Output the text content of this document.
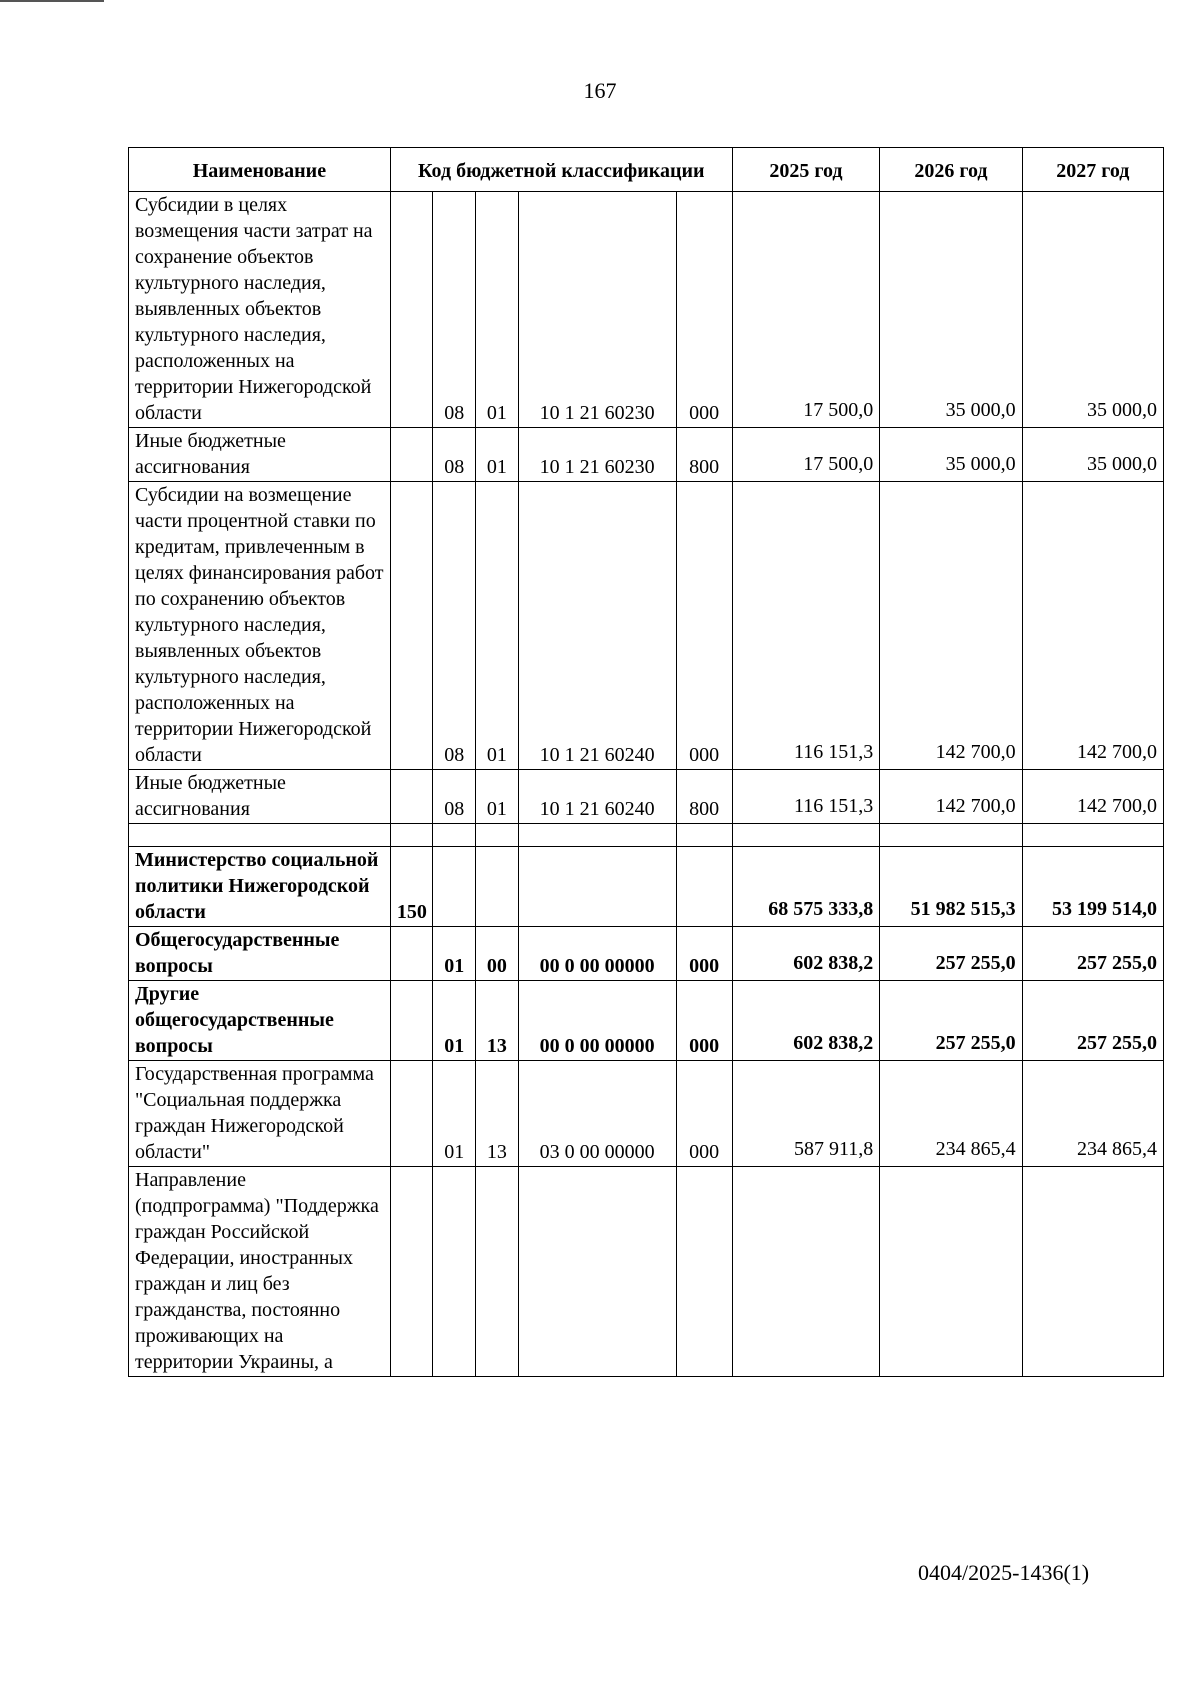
167
Наименование	Код бюджетной классификации					2025 год	2026 год	2027 год
Субсидии в целях возмещения части затрат на сохранение объектов культурного наследия, выявленных объектов культурного наследия, расположенных на территории Нижегородской области		08	01	10 1 21 60230	000	17 500,0	35 000,0	35 000,0
Иные бюджетные ассигнования		08	01	10 1 21 60230	800	17 500,0	35 000,0	35 000,0
Субсидии на возмещение части процентной ставки по кредитам, привлеченным в целях финансирования работ по сохранению объектов культурного наследия, выявленных объектов культурного наследия, расположенных на территории Нижегородской области		08	01	10 1 21 60240	000	116 151,3	142 700,0	142 700,0
Иные бюджетные ассигнования		08	01	10 1 21 60240	800	116 151,3	142 700,0	142 700,0

Министерство социальной политики Нижегородской области	150					68 575 333,8	51 982 515,3	53 199 514,0
Общегосударственные вопросы		01	00	00 0 00 00000	000	602 838,2	257 255,0	257 255,0
Другие общегосударственные вопросы		01	13	00 0 00 00000	000	602 838,2	257 255,0	257 255,0
Государственная программа "Социальная поддержка граждан Нижегородской области"		01	13	03 0 00 00000	000	587 911,8	234 865,4	234 865,4
Направление (подпрограмма) "Поддержка граждан Российской Федерации, иностранных граждан и лиц без гражданства, постоянно проживающих на территории Украины, а								
0404/2025-1436(1)
